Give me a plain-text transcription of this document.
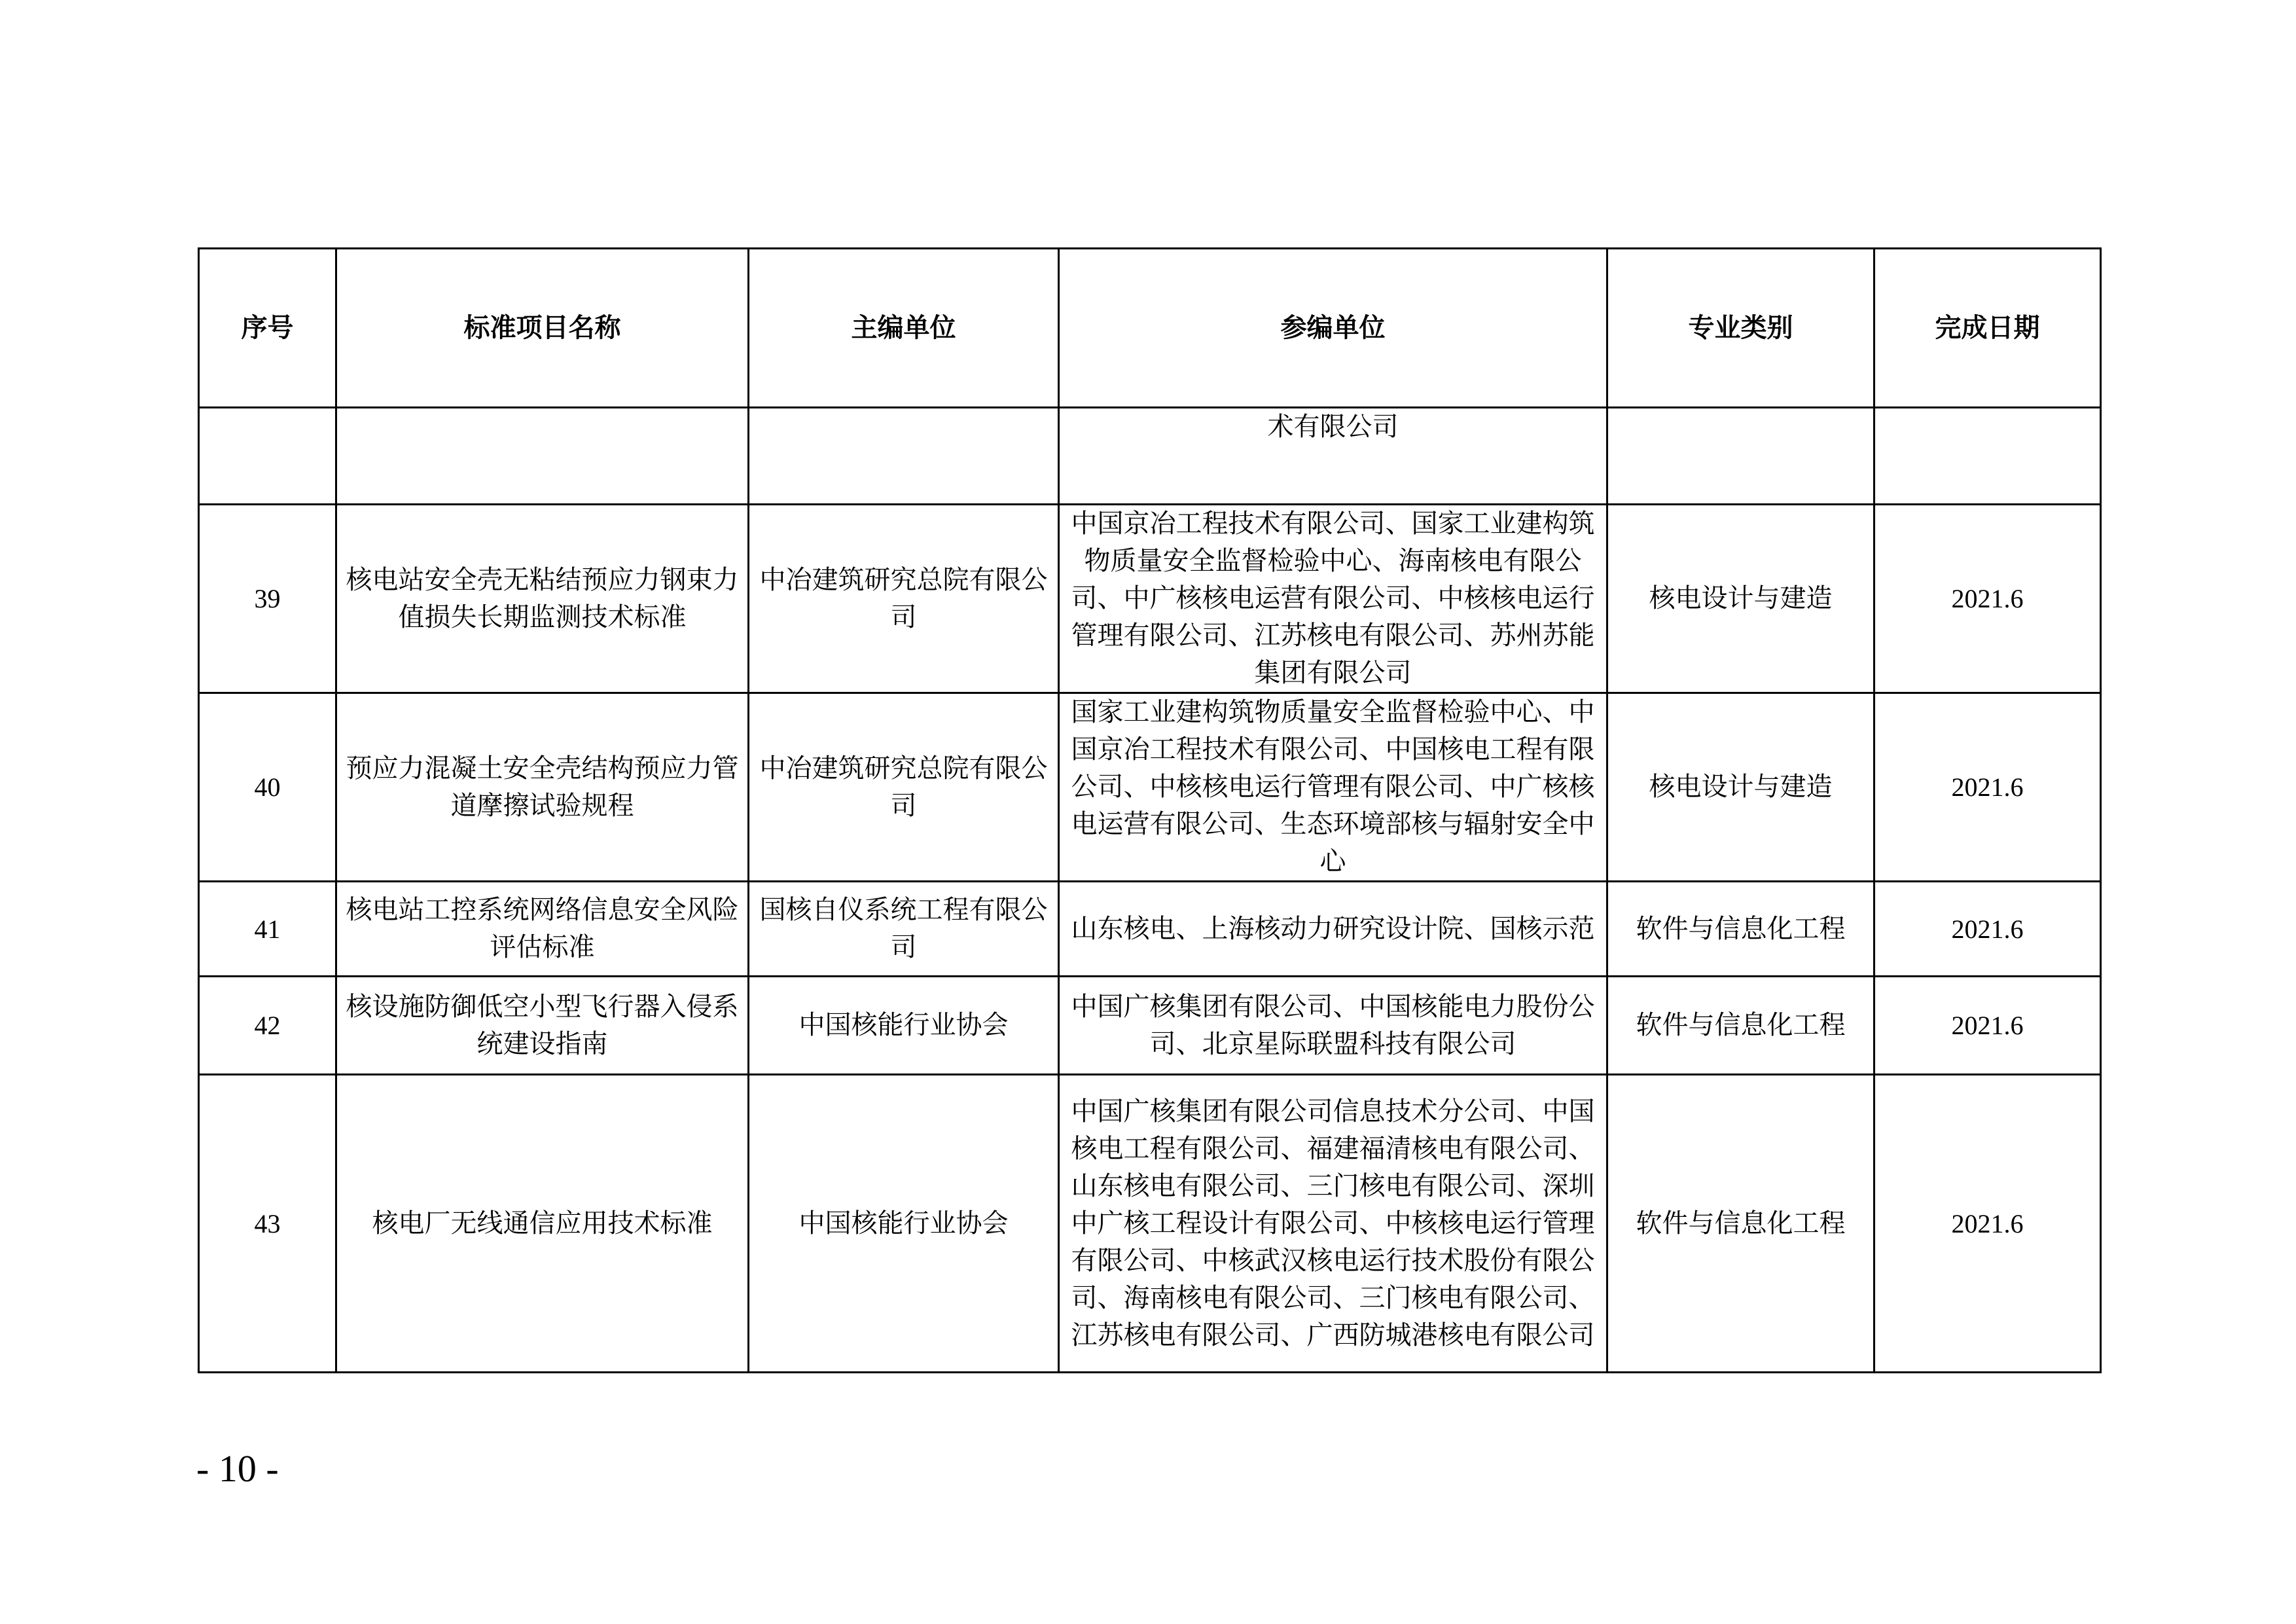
序号	标准项目名称	主编单位	参编单位	专业类别	完成日期
			术有限公司		
39	核电站安全壳无粘结预应力钢束力值损失长期监测技术标准	中冶建筑研究总院有限公司	中国京冶工程技术有限公司、国家工业建构筑物质量安全监督检验中心、海南核电有限公司、中广核核电运营有限公司、中核核电运行管理有限公司、江苏核电有限公司、苏州苏能集团有限公司	核电设计与建造	2021.6
40	预应力混凝土安全壳结构预应力管道摩擦试验规程	中冶建筑研究总院有限公司	国家工业建构筑物质量安全监督检验中心、中国京冶工程技术有限公司、中国核电工程有限公司、中核核电运行管理有限公司、中广核核电运营有限公司、生态环境部核与辐射安全中心	核电设计与建造	2021.6
41	核电站工控系统网络信息安全风险评估标准	国核自仪系统工程有限公司	山东核电、上海核动力研究设计院、国核示范	软件与信息化工程	2021.6
42	核设施防御低空小型飞行器入侵系统建设指南	中国核能行业协会	中国广核集团有限公司、中国核能电力股份公司、北京星际联盟科技有限公司	软件与信息化工程	2021.6
43	核电厂无线通信应用技术标准	中国核能行业协会	中国广核集团有限公司信息技术分公司、中国核电工程有限公司、福建福清核电有限公司、山东核电有限公司、三门核电有限公司、深圳中广核工程设计有限公司、中核核电运行管理有限公司、中核武汉核电运行技术股份有限公司、海南核电有限公司、三门核电有限公司、江苏核电有限公司、广西防城港核电有限公司	软件与信息化工程	2021.6
- 10 -
